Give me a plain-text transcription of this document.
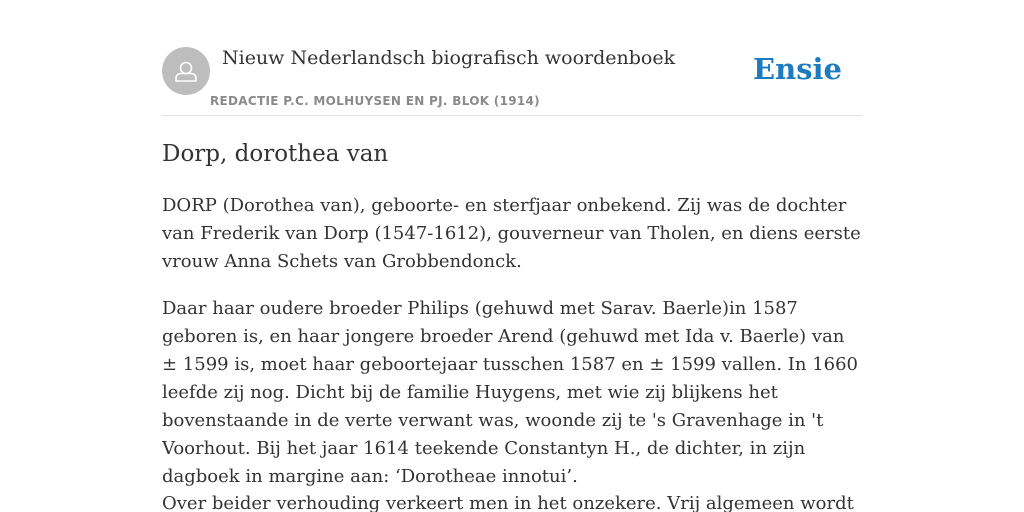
Nieuw Nederlandsch biografisch woordenboek
REDACTIE P.C. MOLHUYSEN EN PJ. BLOK (1914)
Ensie
Dorp, dorothea van

DORP (Dorothea van), geboorte- en sterfjaar onbekend. Zij was de dochter van Frederik van Dorp (1547-1612), gouverneur van Tholen, en diens eerste vrouw Anna Schets van Grobbendonck.

Daar haar oudere broeder Philips (gehuwd met Sarav. Baerle)in 1587 geboren is, en haar jongere broeder Arend (gehuwd met Ida v. Baerle) van ± 1599 is, moet haar geboortejaar tusschen 1587 en ± 1599 vallen. In 1660 leefde zij nog. Dicht bij de familie Huygens, met wie zij blijkens het bovenstaande in de verte verwant was, woonde zij te 's Gravenhage in 't Voorhout. Bij het jaar 1614 teekende Constantyn H., de dichter, in zijn dagboek in margine aan: ‘Dorotheae innotui’.

Over beider verhouding verkeert men in het onzekere. Vrij algemeen wordt
